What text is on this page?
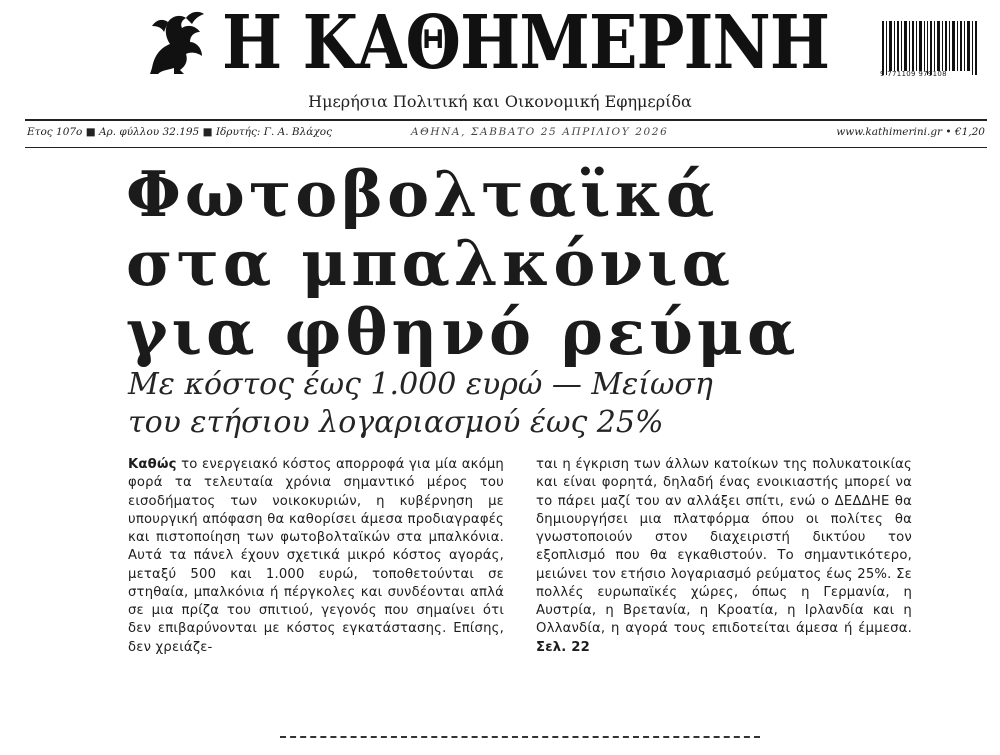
Η ΚΑΘΗΜΕΡΙΝΗ	9 771109 979108
Ημερήσια Πολιτική και Οικονομική Εφημερίδα
Ετος 107ο ■ Αρ. φύλλου 32.195 ■ Ιδρυτής: Γ. Α. Βλάχος	ΑΘΗΝΑ, ΣΑΒΒΑΤΟ 25 ΑΠΡΙΛΙΟΥ 2026	www.kathimerini.gr • €1,20
Φωτοβολταϊκά
στα μπαλκόνια
για φθηνό ρεύμα
Με κόστος έως 1.000 ευρώ — Μείωση
του ετήσιου λογαριασμού έως 25%
Καθώς το ενεργειακό κόστος απορροφά για μία ακόμη φορά τα τελευταία χρόνια σημαντικό μέρος του εισοδήματος των νοικοκυριών, η κυβέρνηση με υπουργική απόφαση θα καθορίσει άμεσα προδιαγραφές και πιστοποίηση των φωτοβολταϊκών στα μπαλκόνια. Αυτά τα πάνελ έχουν σχετικά μικρό κόστος αγοράς, μεταξύ 500 και 1.000 ευρώ, τοποθετούνται σε στηθαία, μπαλκόνια ή πέργκολες και συνδέονται απλά σε μια πρίζα του σπιτιού, γεγονός που σημαίνει ότι δεν επιβαρύνονται με κόστος εγκατάστασης. Επίσης, δεν χρειάζε-
ται η έγκριση των άλλων κατοίκων της πολυκατοικίας και είναι φορητά, δηλαδή ένας ενοικιαστής μπορεί να το πάρει μαζί του αν αλλάξει σπίτι, ενώ ο ΔΕΔΔΗΕ θα δημιουργήσει μια πλατφόρμα όπου οι πολίτες θα γνωστοποιούν στον διαχειριστή δικτύου τον εξοπλισμό που θα εγκαθιστούν. Το σημαντικότερο, μειώνει τον ετήσιο λογαριασμό ρεύματος έως 25%. Σε πολλές ευρωπαϊκές χώρες, όπως η Γερμανία, η Αυστρία, η Βρετανία, η Κροατία, η Ιρλανδία και η Ολλανδία, η αγορά τους επιδοτείται άμεσα ή έμμεσα. Σελ. 22
